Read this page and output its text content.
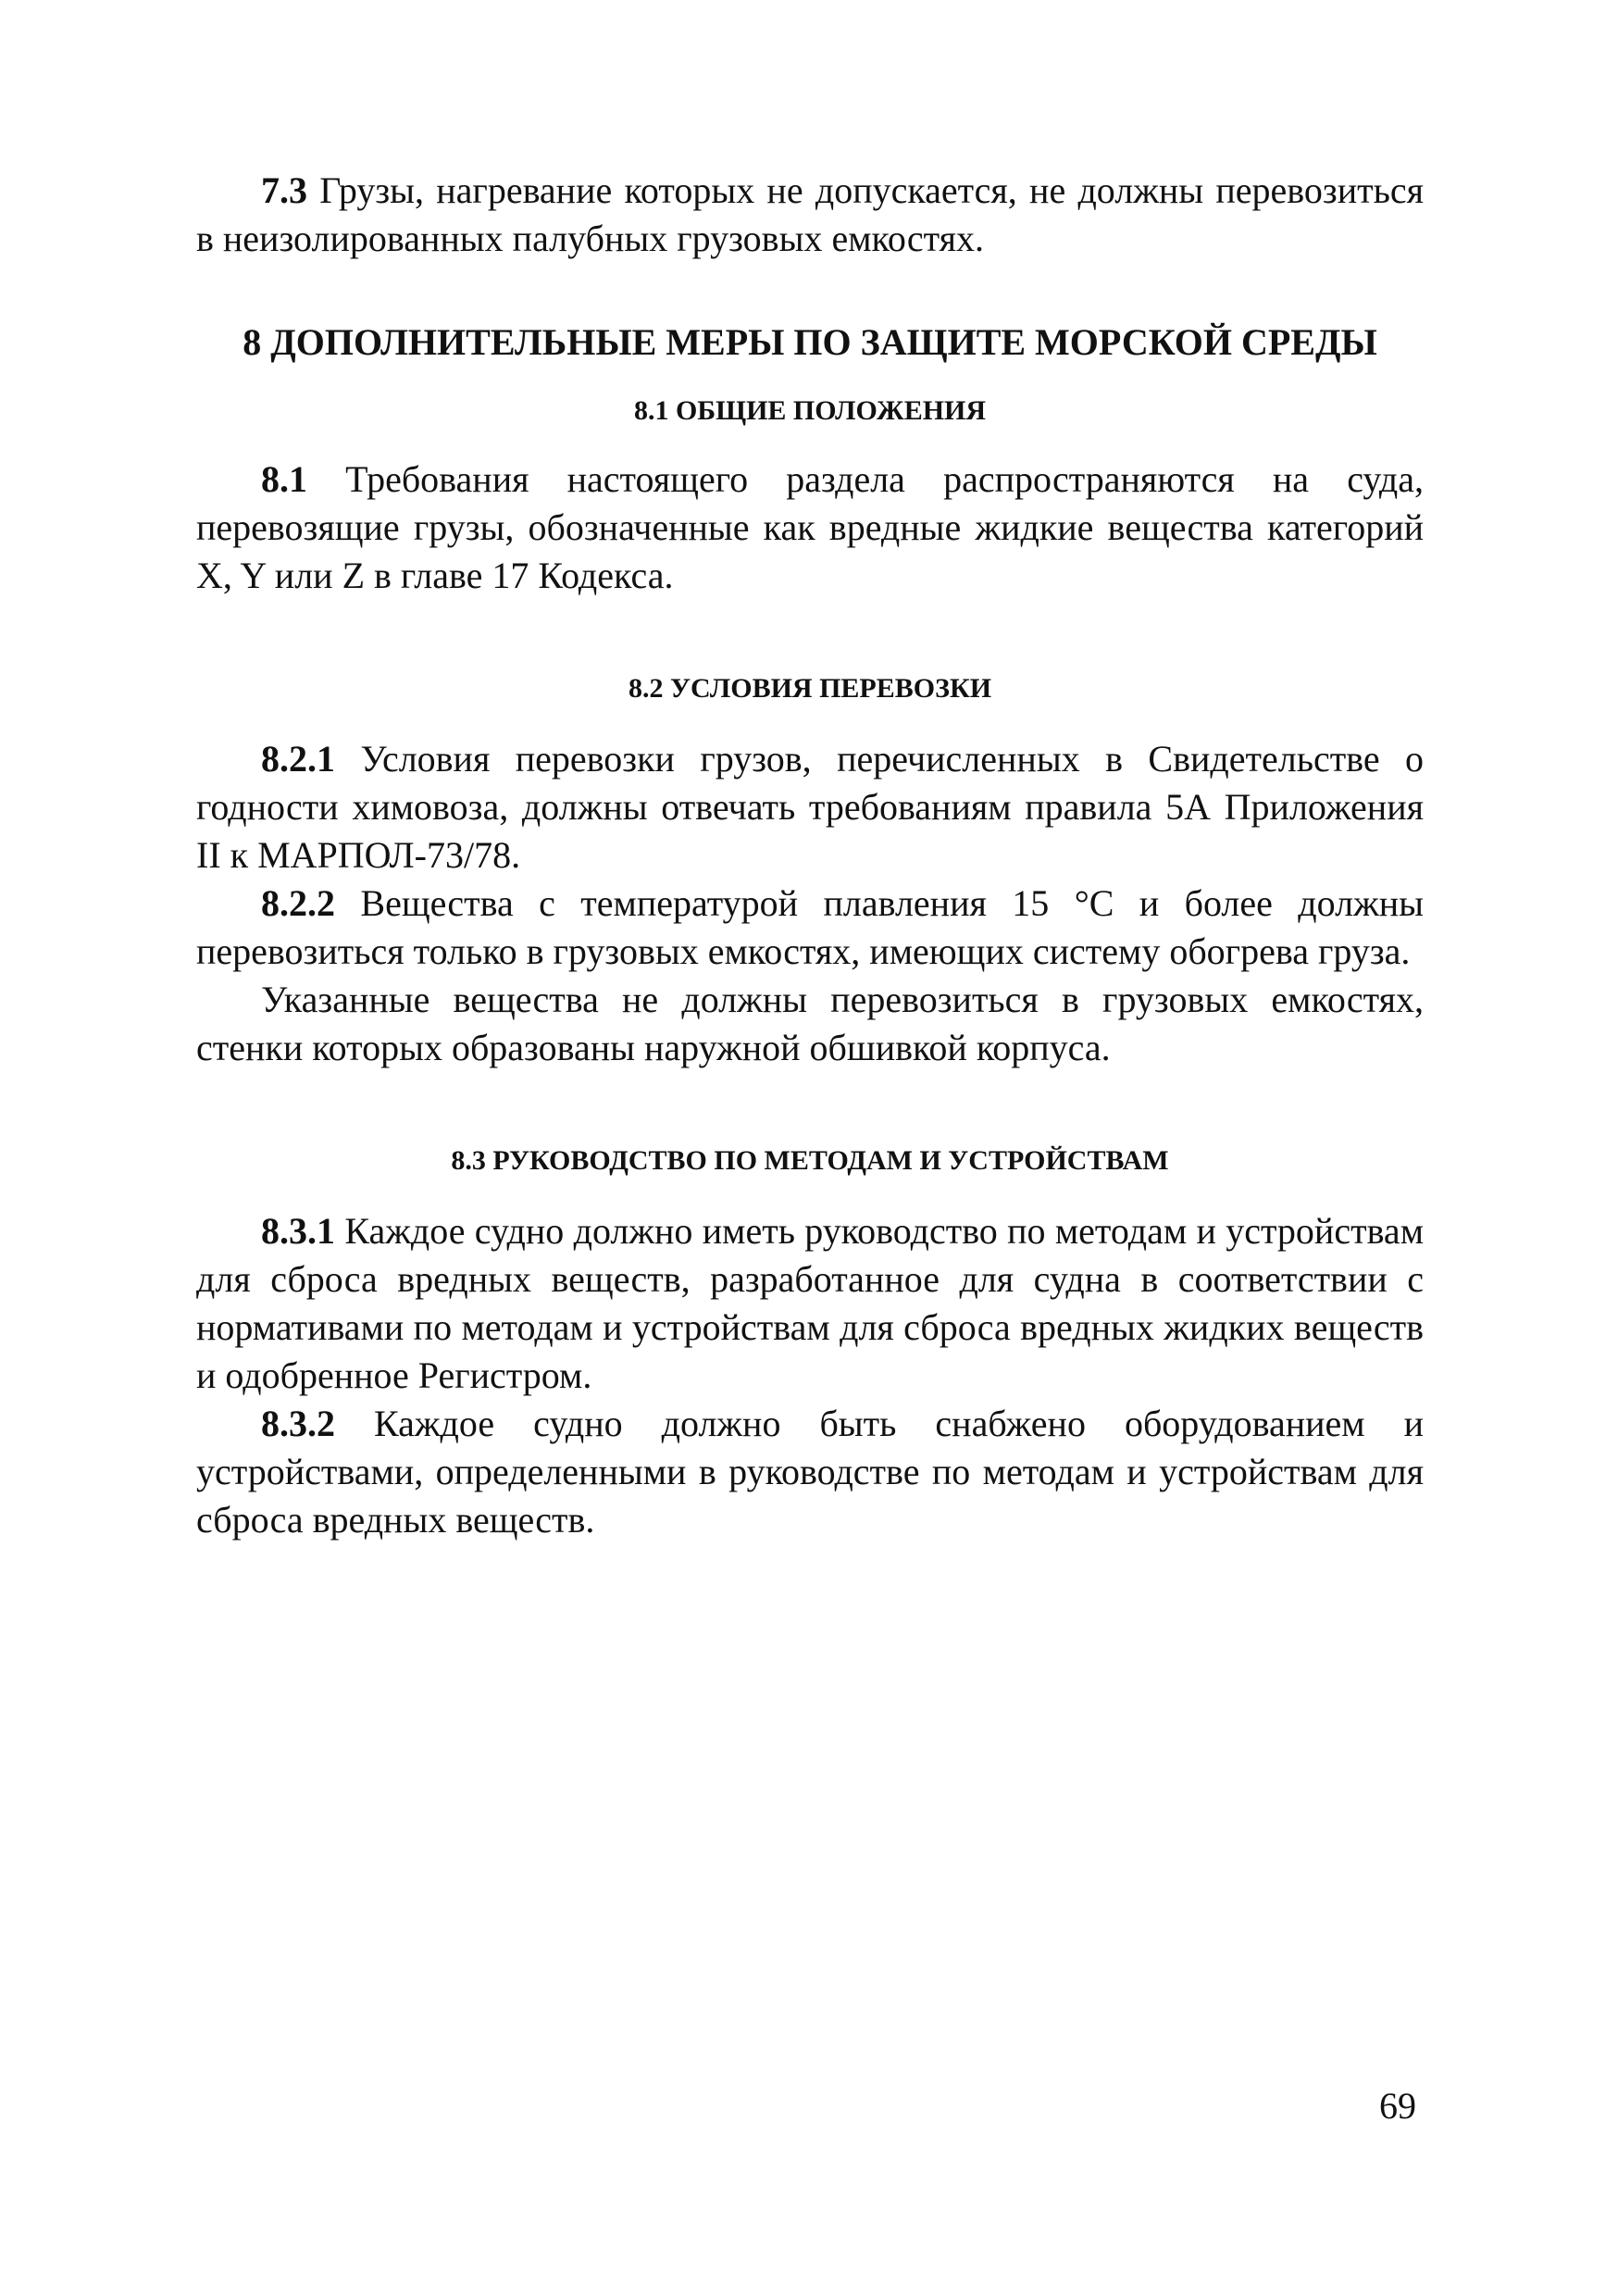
7.3 Грузы, нагревание которых не допускается, не должны перевозиться в неизолированных палубных грузовых емкостях.

8 ДОПОЛНИТЕЛЬНЫЕ МЕРЫ ПО ЗАЩИТЕ МОРСКОЙ СРЕДЫ
8.1 ОБЩИЕ ПОЛОЖЕНИЯ

8.1 Требования настоящего раздела распространяются на суда, перевозящие грузы, обозначенные как вредные жидкие вещества категорий X, Y или Z в главе 17 Кодекса.

8.2 УСЛОВИЯ ПЕРЕВОЗКИ

8.2.1 Условия перевозки грузов, перечисленных в Свидетельстве о годности химовоза, должны отвечать требованиям правила 5А Приложения II к МАРПОЛ-73/78.

8.2.2 Вещества с температурой плавления 15 °С и более должны перевозиться только в грузовых емкостях, имеющих систему обогрева груза.

Указанные вещества не должны перевозиться в грузовых емкостях, стенки которых образованы наружной обшивкой корпуса.

8.3 РУКОВОДСТВО ПО МЕТОДАМ И УСТРОЙСТВАМ

8.3.1 Каждое судно должно иметь руководство по методам и устройствам для сброса вредных веществ, разработанное для судна в соответствии с нормативами по методам и устройствам для сброса вредных жидких веществ и одобренное Регистром.

8.3.2 Каждое судно должно быть снабжено оборудованием и устройствами, определенными в руководстве по методам и устройствам для сброса вредных веществ.

69
